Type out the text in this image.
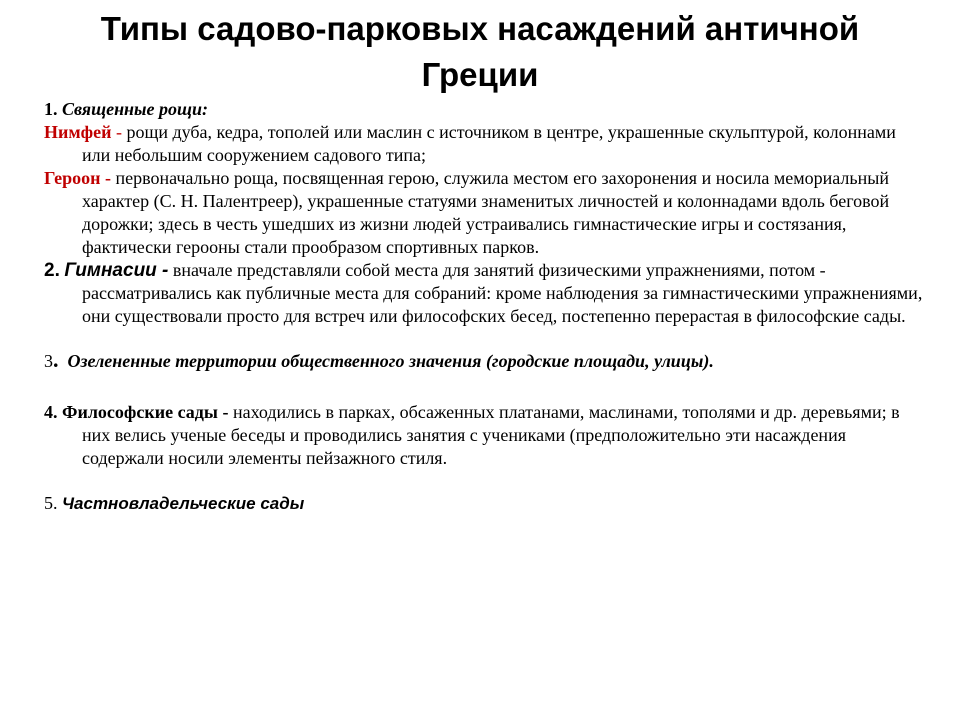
Типы садово-парковых насаждений античной
Греции

1. Священные рощи:

Нимфей - рощи дуба, кедра, тополей или маслин с источником в центре, украшенные скульптурой, колоннами или небольшим сооружением садового типа;

Героон - первоначально роща, посвященная герою, служила местом его захоронения и носила мемориальный характер (С. Н. Палентреер), украшенные статуями знаменитых личностей и колоннадами вдоль беговой дорожки; здесь в честь ушедших из жизни людей устраивались гимнастические игры и состязания, фактически герооны стали прообразом спортивных парков.

2. Гимнасии - вначале представляли собой места для занятий физическими упражнениями, потом - рассматривались как публичные места для собраний: кроме наблюдения за гимнастическими упражнениями, они существовали просто для встреч или философских бесед, постепенно перерастая в философские сады.

3. Озелененные территории общественного значения (городские площади, улицы).

4. Философские сады - находились в парках, обсаженных платанами, маслинами, тополями и др. деревьями; в них велись ученые беседы и проводились занятия с учениками (предположительно эти насаждения содержали носили элементы пейзажного стиля.

5. Частновладельческие сады
